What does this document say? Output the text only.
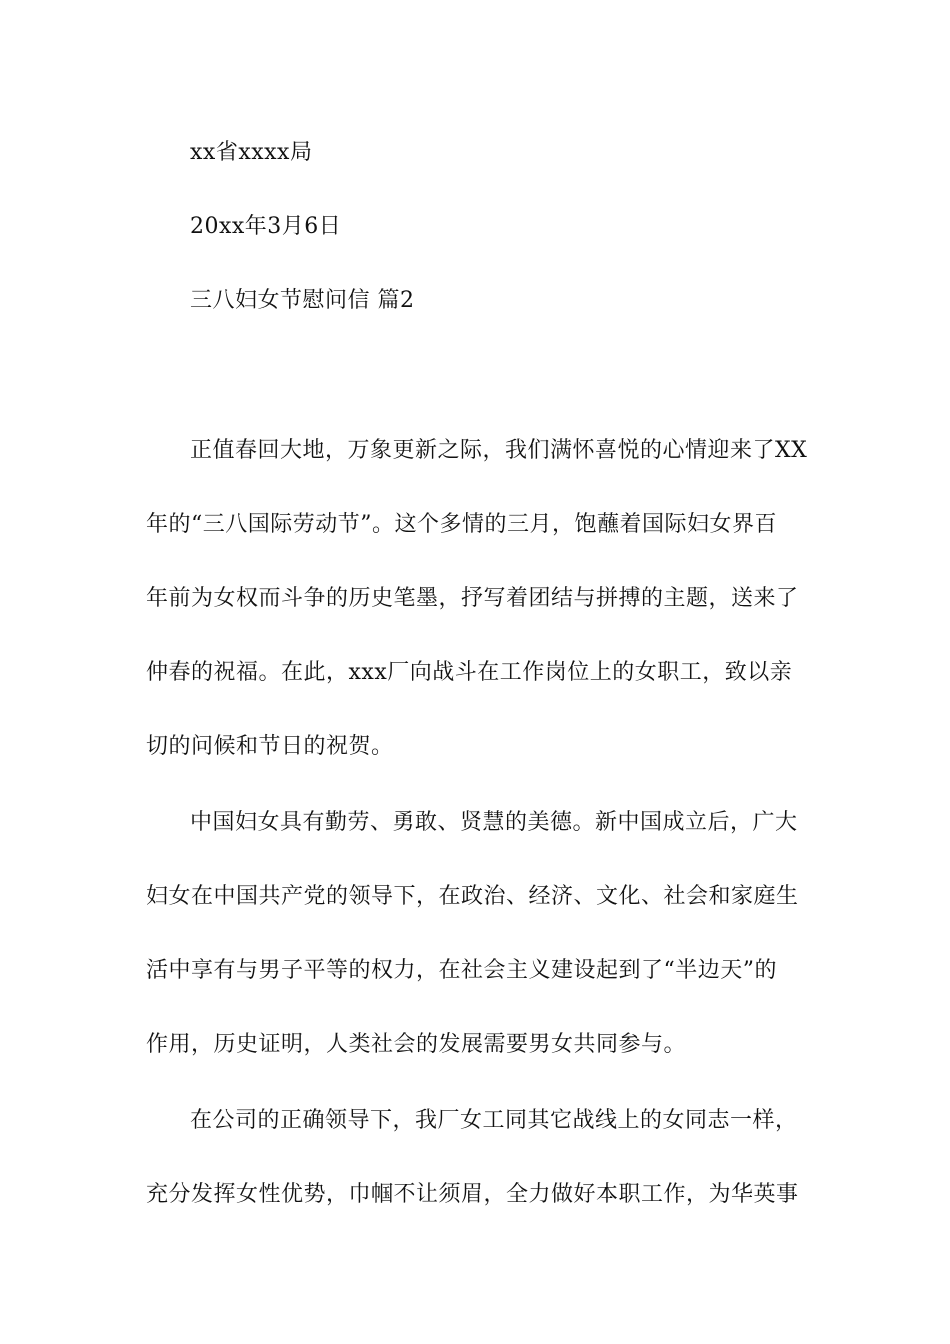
xx省xxxx局
20xx年3月6日
三八妇女节慰问信 篇2
正值春回大地，万象更新之际，我们满怀喜悦的心情迎来了XX
年的“三八国际劳动节”。这个多情的三月，饱蘸着国际妇女界百
年前为女权而斗争的历史笔墨，抒写着团结与拼搏的主题，送来了
仲春的祝福。在此，xxx厂向战斗在工作岗位上的女职工，致以亲
切的问候和节日的祝贺。
中国妇女具有勤劳、勇敢、贤慧的美德。新中国成立后，广大
妇女在中国共产党的领导下，在政治、经济、文化、社会和家庭生
活中享有与男子平等的权力，在社会主义建设起到了“半边天”的
作用，历史证明，人类社会的发展需要男女共同参与。
在公司的正确领导下，我厂女工同其它战线上的女同志一样，
充分发挥女性优势，巾帼不让须眉，全力做好本职工作，为华英事
